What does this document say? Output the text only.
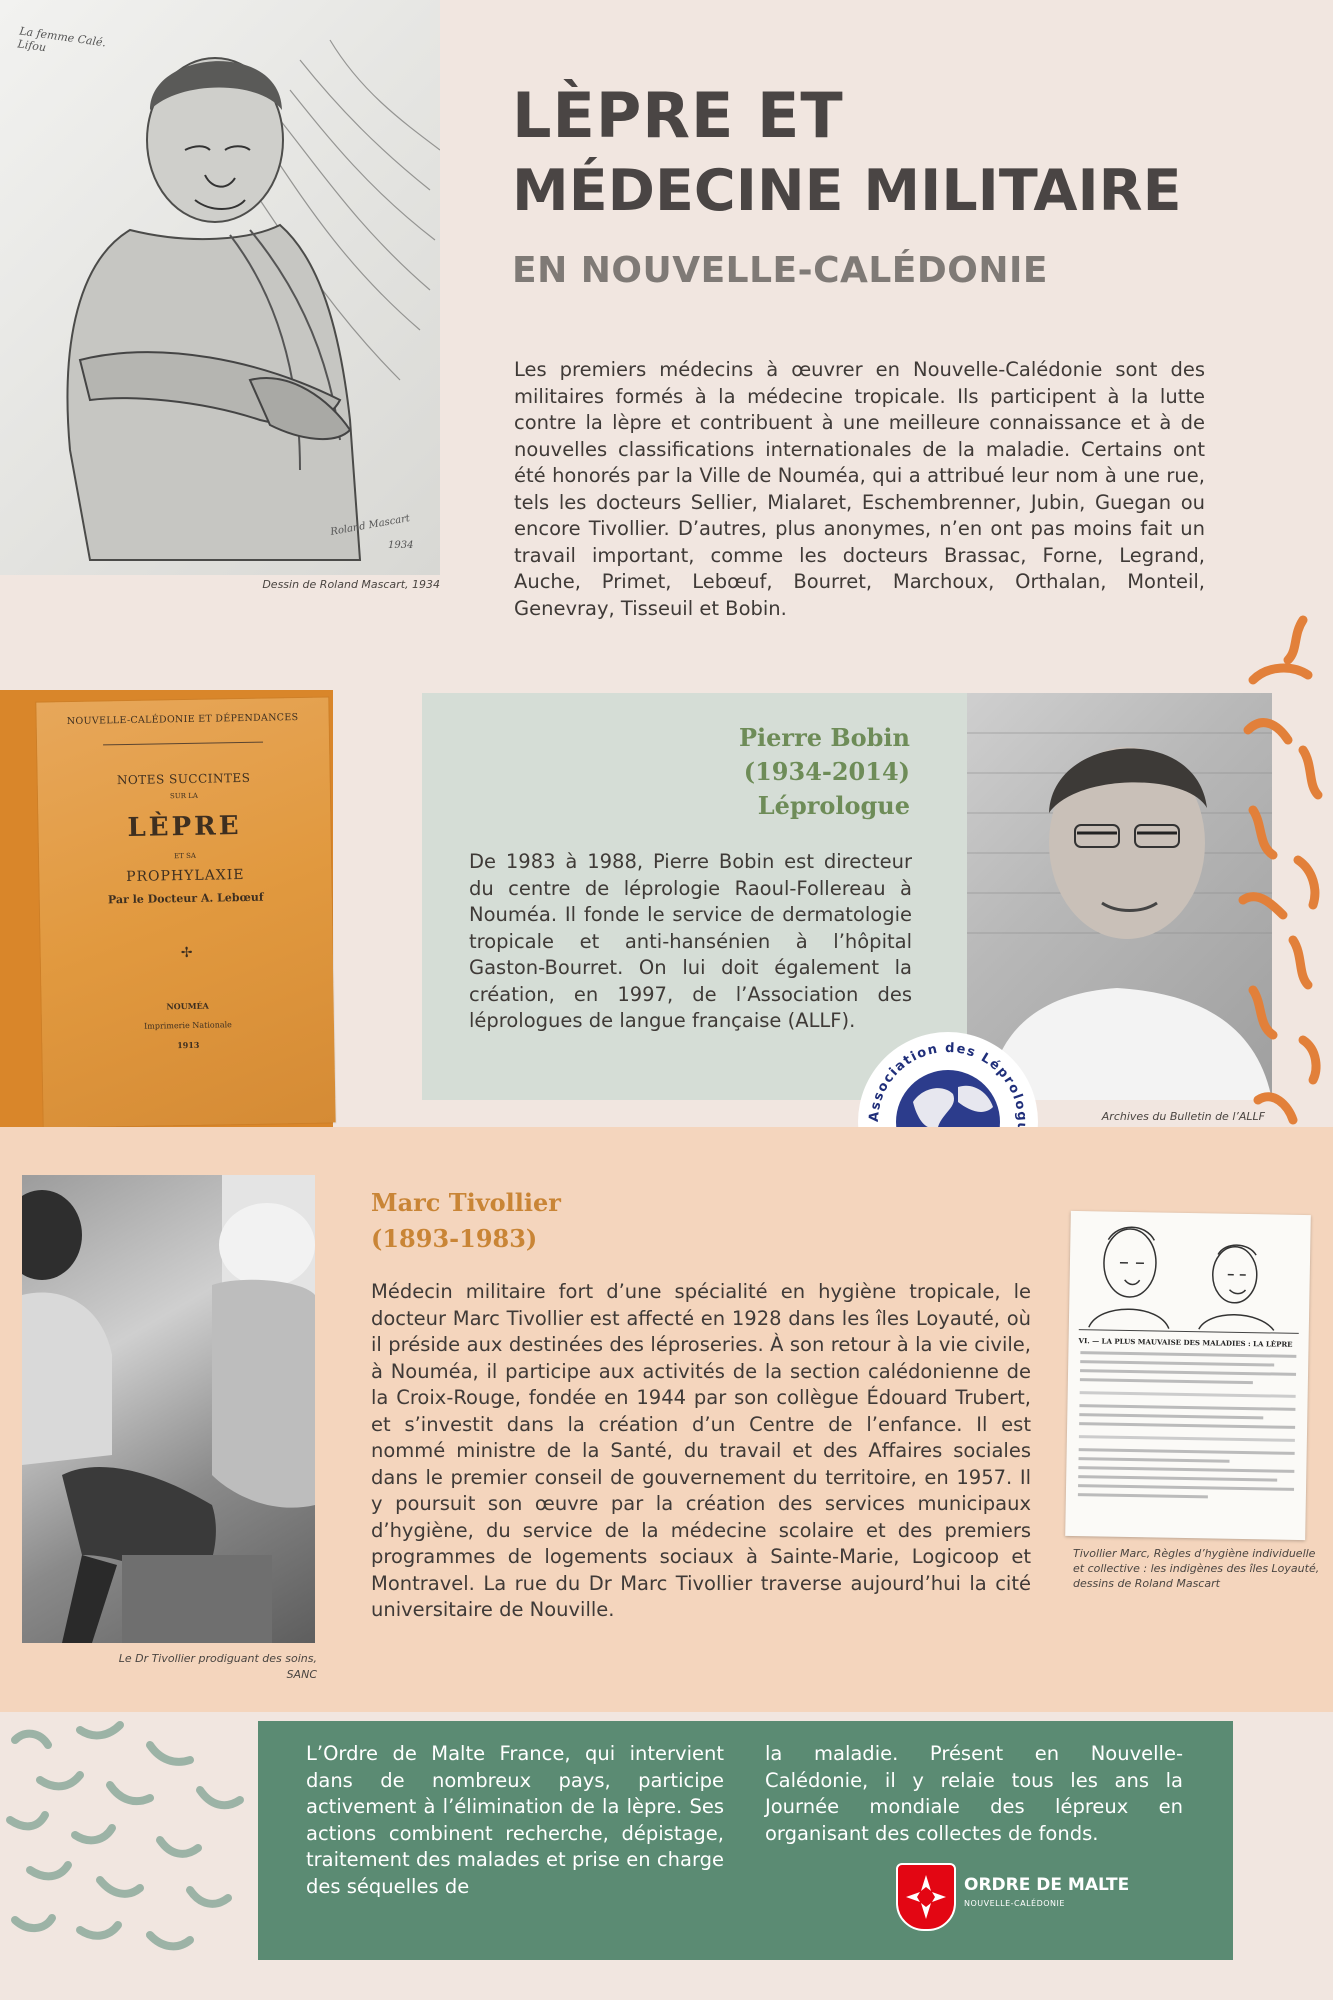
La femme Calé. Lifou
Roland Mascart
1934
Dessin de Roland Mascart, 1934
LÈPRE ET
MÉDECINE MILITAIRE
EN NOUVELLE-CALÉDONIE
Les premiers médecins à œuvrer en Nouvelle-Calédonie sont des militaires formés à la médecine tropicale. Ils participent à la lutte contre la lèpre et contribuent à une meilleure connaissance et à de nouvelles classifications internationales de la maladie. Certains ont été honorés par la Ville de Nouméa, qui a attribué leur nom à une rue, tels les docteurs Sellier, Mialaret, Eschembrenner, Jubin, Guegan ou encore Tivollier. D’autres, plus anonymes, n’en ont pas moins fait un travail important, comme les docteurs Brassac, Forne, Legrand, Auche, Primet, Lebœuf, Bourret, Marchoux, Orthalan, Monteil, Genevray, Tisseuil et Bobin.
NOUVELLE-CALÉDONIE ET DÉPENDANCES
NOTES SUCCINTES
SUR LA
LÈPRE
ET SA
PROPHYLAXIE
Par le Docteur A. Lebœuf
✢
NOUMÉA
Imprimerie Nationale
1913
Pierre Bobin
(1934-2014)
Léprologue
De 1983 à 1988, Pierre Bobin est directeur du centre de léprologie Raoul-Follereau à Nouméa. Il fonde le service de dermatologie tropicale et anti-hansénien à l’hôpital Gaston-Bourret. On lui doit également la création, en 1997, de l’Association des léprologues de langue française (ALLF).
Archives du Bulletin de l’ALLF
Association des Léprolog
Le Dr Tivollier prodiguant des soins,
SANC
Marc Tivollier
(1893-1983)
Médecin militaire fort d’une spécialité en hygiène tropicale, le docteur Marc Tivollier est affecté en 1928 dans les îles Loyauté, où il préside aux destinées des léproseries. À son retour à la vie civile, à Nouméa, il participe aux activités de la section calédonienne de la Croix-Rouge, fondée en 1944 par son collègue Édouard Trubert, et s’investit dans la création d’un Centre de l’enfance. Il est nommé ministre de la Santé, du travail et des Affaires sociales dans le premier conseil de gouvernement du territoire, en 1957. Il y poursuit son œuvre par la création des services municipaux d’hygiène, du service de la médecine scolaire et des premiers programmes de logements sociaux à Sainte-Marie, Logicoop et Montravel. La rue du Dr Marc Tivollier traverse aujourd’hui la cité universitaire de Nouville.
VI. — LA PLUS MAUVAISE DES MALADIES : LA LÈPRE
Tivollier Marc, Règles d’hygiène individuelle
et collective : les indigènes des îles Loyauté,
dessins de Roland Mascart
L’Ordre de Malte France, qui intervient dans de nombreux pays, participe activement à l’élimination de la lèpre. Ses actions combinent recherche, dépistage, traitement des malades et prise en charge des séquelles de
la maladie. Présent en Nouvelle-Calédonie, il y relaie tous les ans la Journée mondiale des lépreux en organisant des collectes de fonds.
ORDRE DE MALTE
NOUVELLE-CALÉDONIE
